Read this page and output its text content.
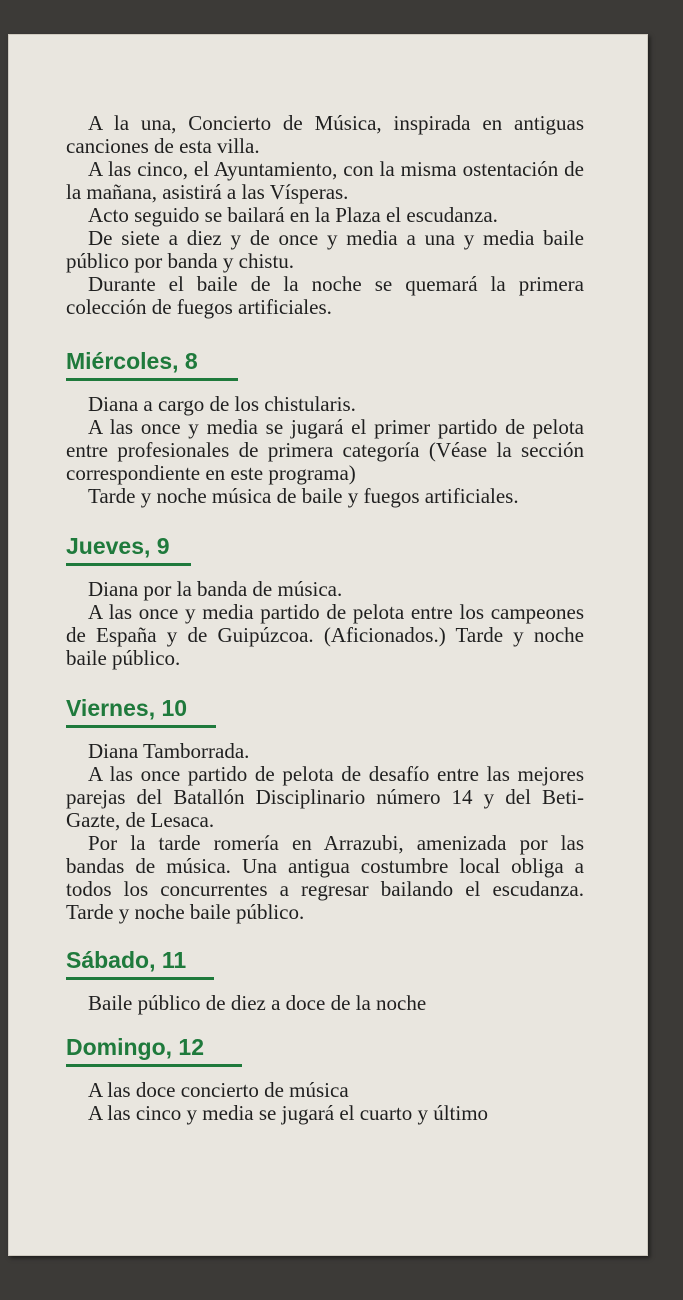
A la una, Concierto de Música, inspirada en antiguas canciones de esta villa.

A las cinco, el Ayuntamiento, con la misma ostentación de la mañana, asistirá a las Vísperas.

Acto seguido se bailará en la Plaza el escudanza.

De siete a diez y de once y media a una y media baile público por banda y chistu.

Durante el baile de la noche se quemará la primera colección de fuegos artificiales.

Miércoles, 8

Diana a cargo de los chistularis.

A las once y media se jugará el primer partido de pelota entre profesionales de primera categoría (Véase la sección correspondiente en este programa)

Tarde y noche música de baile y fuegos artificiales.

Jueves, 9

Diana por la banda de música.

A las once y media partido de pelota entre los campeones de España y de Guipúzcoa. (Aficionados.) Tarde y noche baile público.

Viernes, 10

Diana Tamborrada.

A las once partido de pelota de desafío entre las mejores parejas del Batallón Disciplinario número 14 y del Beti-Gazte, de Lesaca.

Por la tarde romería en Arrazubi, amenizada por las bandas de música. Una antigua costumbre local obliga a todos los concurrentes a regresar bailando el escudanza. Tarde y noche baile público.

Sábado, 11

Baile público de diez a doce de la noche

Domingo, 12

A las doce concierto de música

A las cinco y media se jugará el cuarto y último
